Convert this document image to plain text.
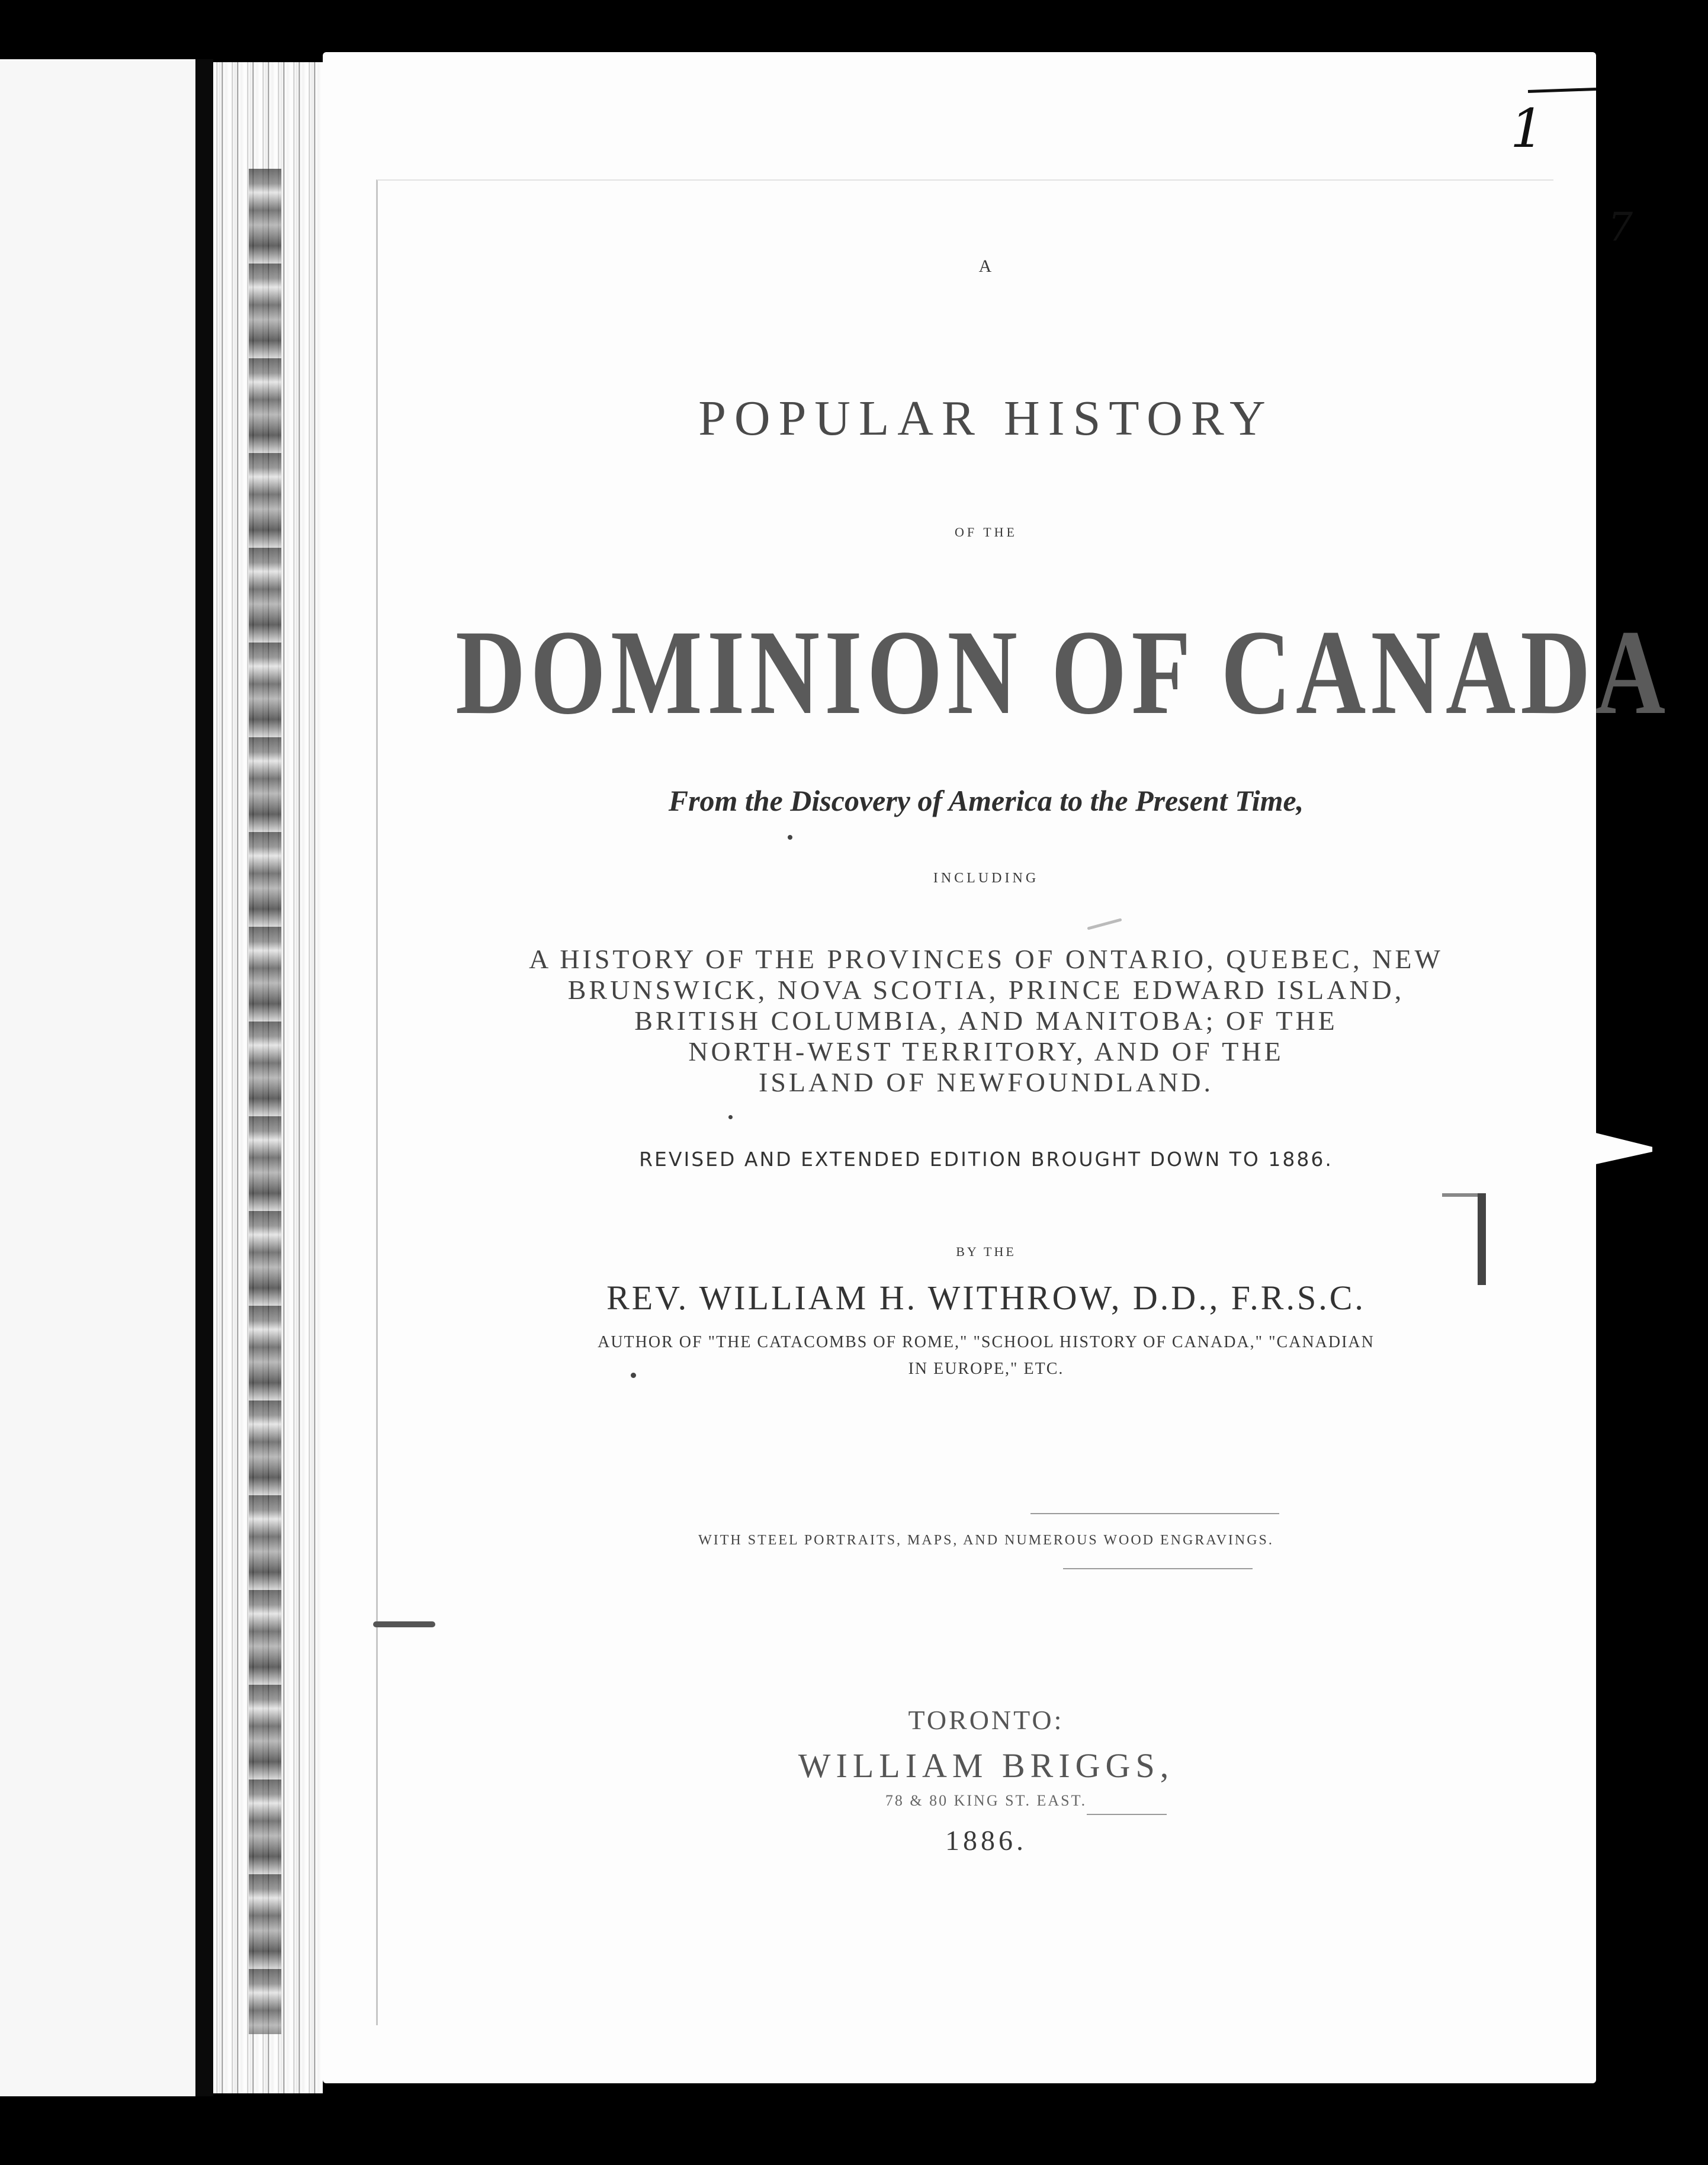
A
POPULAR HISTORY
OF THE
DOMINION OF CANADA
From the Discovery of America to the Present Time,
INCLUDING
A HISTORY OF THE PROVINCES OF ONTARIO, QUEBEC, NEW
BRUNSWICK, NOVA SCOTIA, PRINCE EDWARD ISLAND,
BRITISH COLUMBIA, AND MANITOBA; OF THE
NORTH-WEST TERRITORY, AND OF THE
ISLAND OF NEWFOUNDLAND.
REVISED AND EXTENDED EDITION BROUGHT DOWN TO 1886.
BY THE
REV. WILLIAM H. WITHROW, D.D., F.R.S.C.
AUTHOR OF "THE CATACOMBS OF ROME," "SCHOOL HISTORY OF CANADA," "CANADIAN
IN EUROPE," ETC.
WITH STEEL PORTRAITS, MAPS, AND NUMEROUS WOOD ENGRAVINGS.
TORONTO:
WILLIAM BRIGGS,
78 & 80 KING ST. EAST.
1886.
1
7
